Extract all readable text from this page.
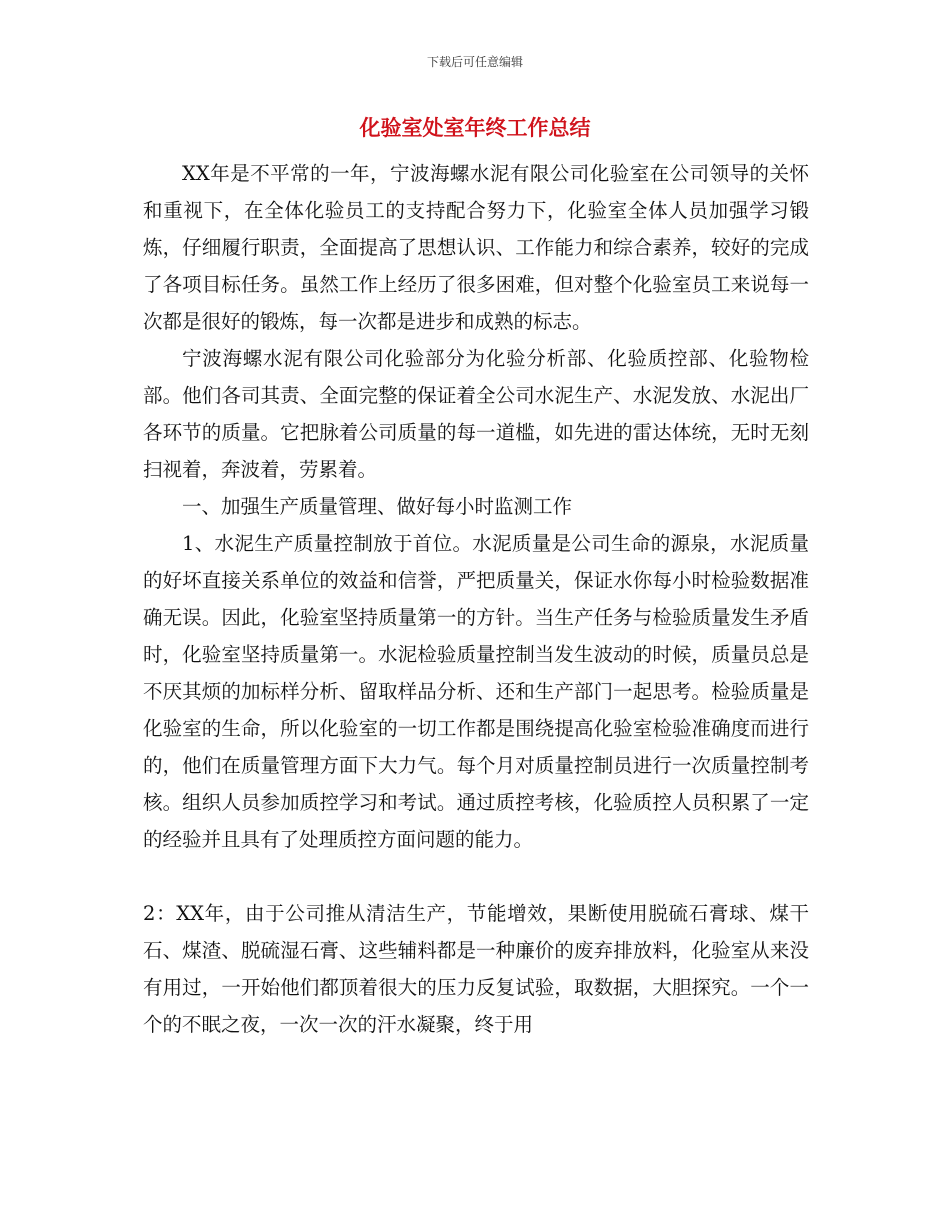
下载后可任意编辑
化验室处室年终工作总结

XX年是不平常的一年，宁波海螺水泥有限公司化验室在公司领导的关怀和重视下，在全体化验员工的支持配合努力下，化验室全体人员加强学习锻炼，仔细履行职责，全面提高了思想认识、工作能力和综合素养，较好的完成了各项目标任务。虽然工作上经历了很多困难，但对整个化验室员工来说每一次都是很好的锻炼，每一次都是进步和成熟的标志。

宁波海螺水泥有限公司化验部分为化验分析部、化验质控部、化验物检部。他们各司其责、全面完整的保证着全公司水泥生产、水泥发放、水泥出厂各环节的质量。它把脉着公司质量的每一道槛，如先进的雷达体统，无时无刻扫视着，奔波着，劳累着。

一、加强生产质量管理、做好每小时监测工作

1、水泥生产质量控制放于首位。水泥质量是公司生命的源泉，水泥质量的好坏直接关系单位的效益和信誉，严把质量关，保证水你每小时检验数据准确无误。因此，化验室坚持质量第一的方针。当生产任务与检验质量发生矛盾时，化验室坚持质量第一。水泥检验质量控制当发生波动的时候，质量员总是不厌其烦的加标样分析、留取样品分析、还和生产部门一起思考。检验质量是化验室的生命，所以化验室的一切工作都是围绕提高化验室检验准确度而进行的，他们在质量管理方面下大力气。每个月对质量控制员进行一次质量控制考核。组织人员参加质控学习和考试。通过质控考核，化验质控人员积累了一定的经验并且具有了处理质控方面问题的能力。

2：XX年，由于公司推从清洁生产，节能增效，果断使用脱硫石膏球、煤干石、煤渣、脱硫湿石膏、这些辅料都是一种廉价的废弃排放料，化验室从来没有用过，一开始他们都顶着很大的压力反复试验，取数据，大胆探究。一个一个的不眠之夜，一次一次的汗水凝聚，终于用
